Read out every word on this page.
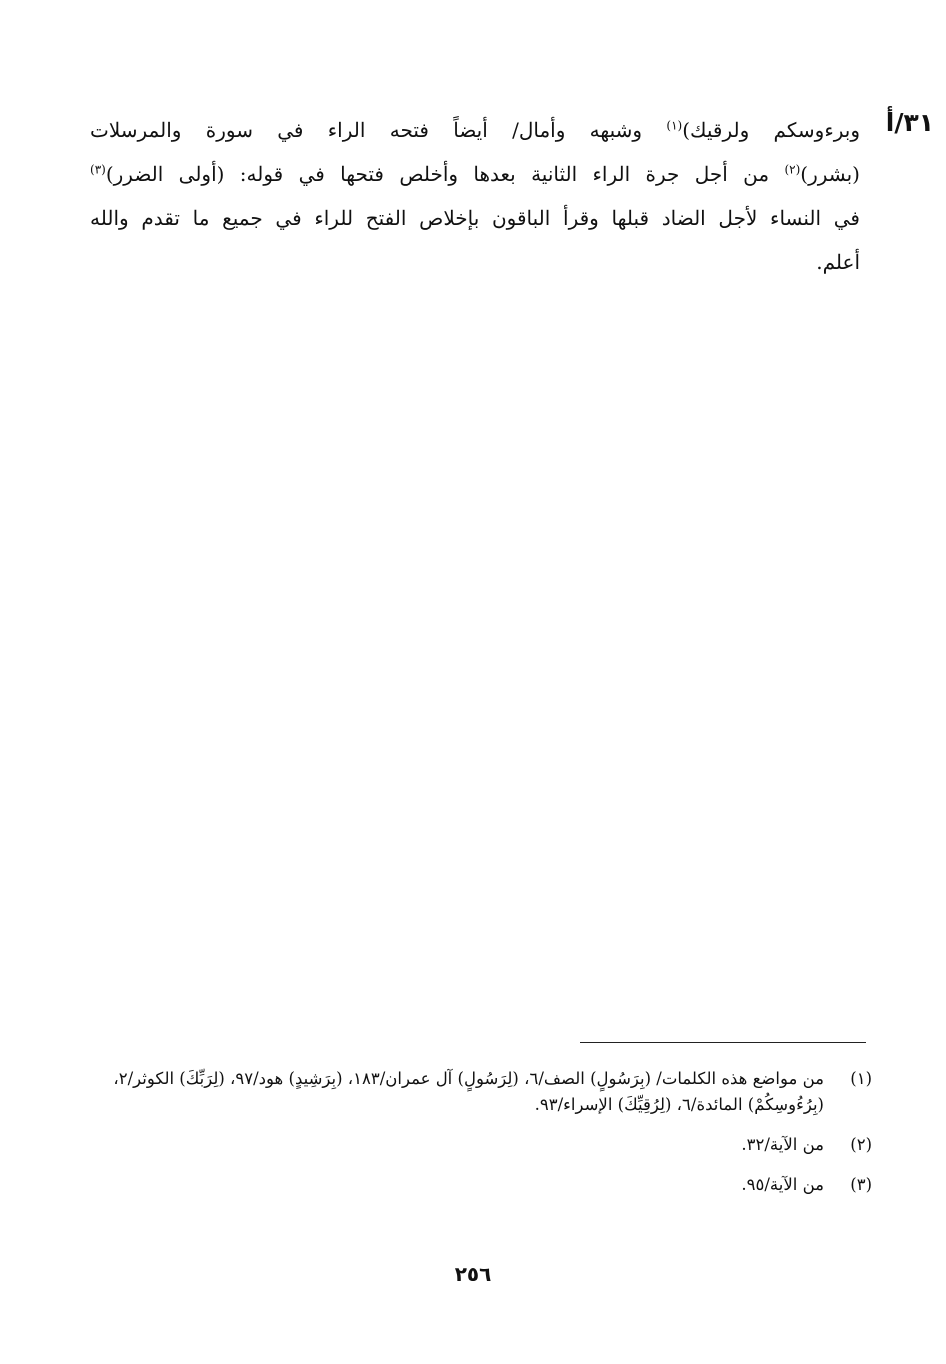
٣١/أ
وبرءوسكم ولرقيك)$^{(١)}$ وشبهه وأمال/ أيضاً فتحه الراء في سورة والمرسلات
(بشرر)$^{(٢)}$ من أجل جرة الراء الثانية بعدها وأخلص فتحها في قوله: (أولى الضرر)$^{(٣)}$
في النساء لأجل الضاد قبلها وقرأ الباقون بإخلاص الفتح للراء في جميع ما تقدم والله
أعلم.
(١)
من مواضع هذه الكلمات/ (بِرَسُولٍ) الصف/٦، (لِرَسُولٍ) آل عمران/١٨٣، (بِرَشِيدٍ) هود/٩٧، (لِرَبِّكَ) الكوثر/٢، (بِرُءُوسِكُمْ) المائدة/٦، (لِرُقِيِّكَ) الإسراء/٩٣.
(٢)
من الآية/٣٢.
(٣)
من الآية/٩٥.
٢٥٦
